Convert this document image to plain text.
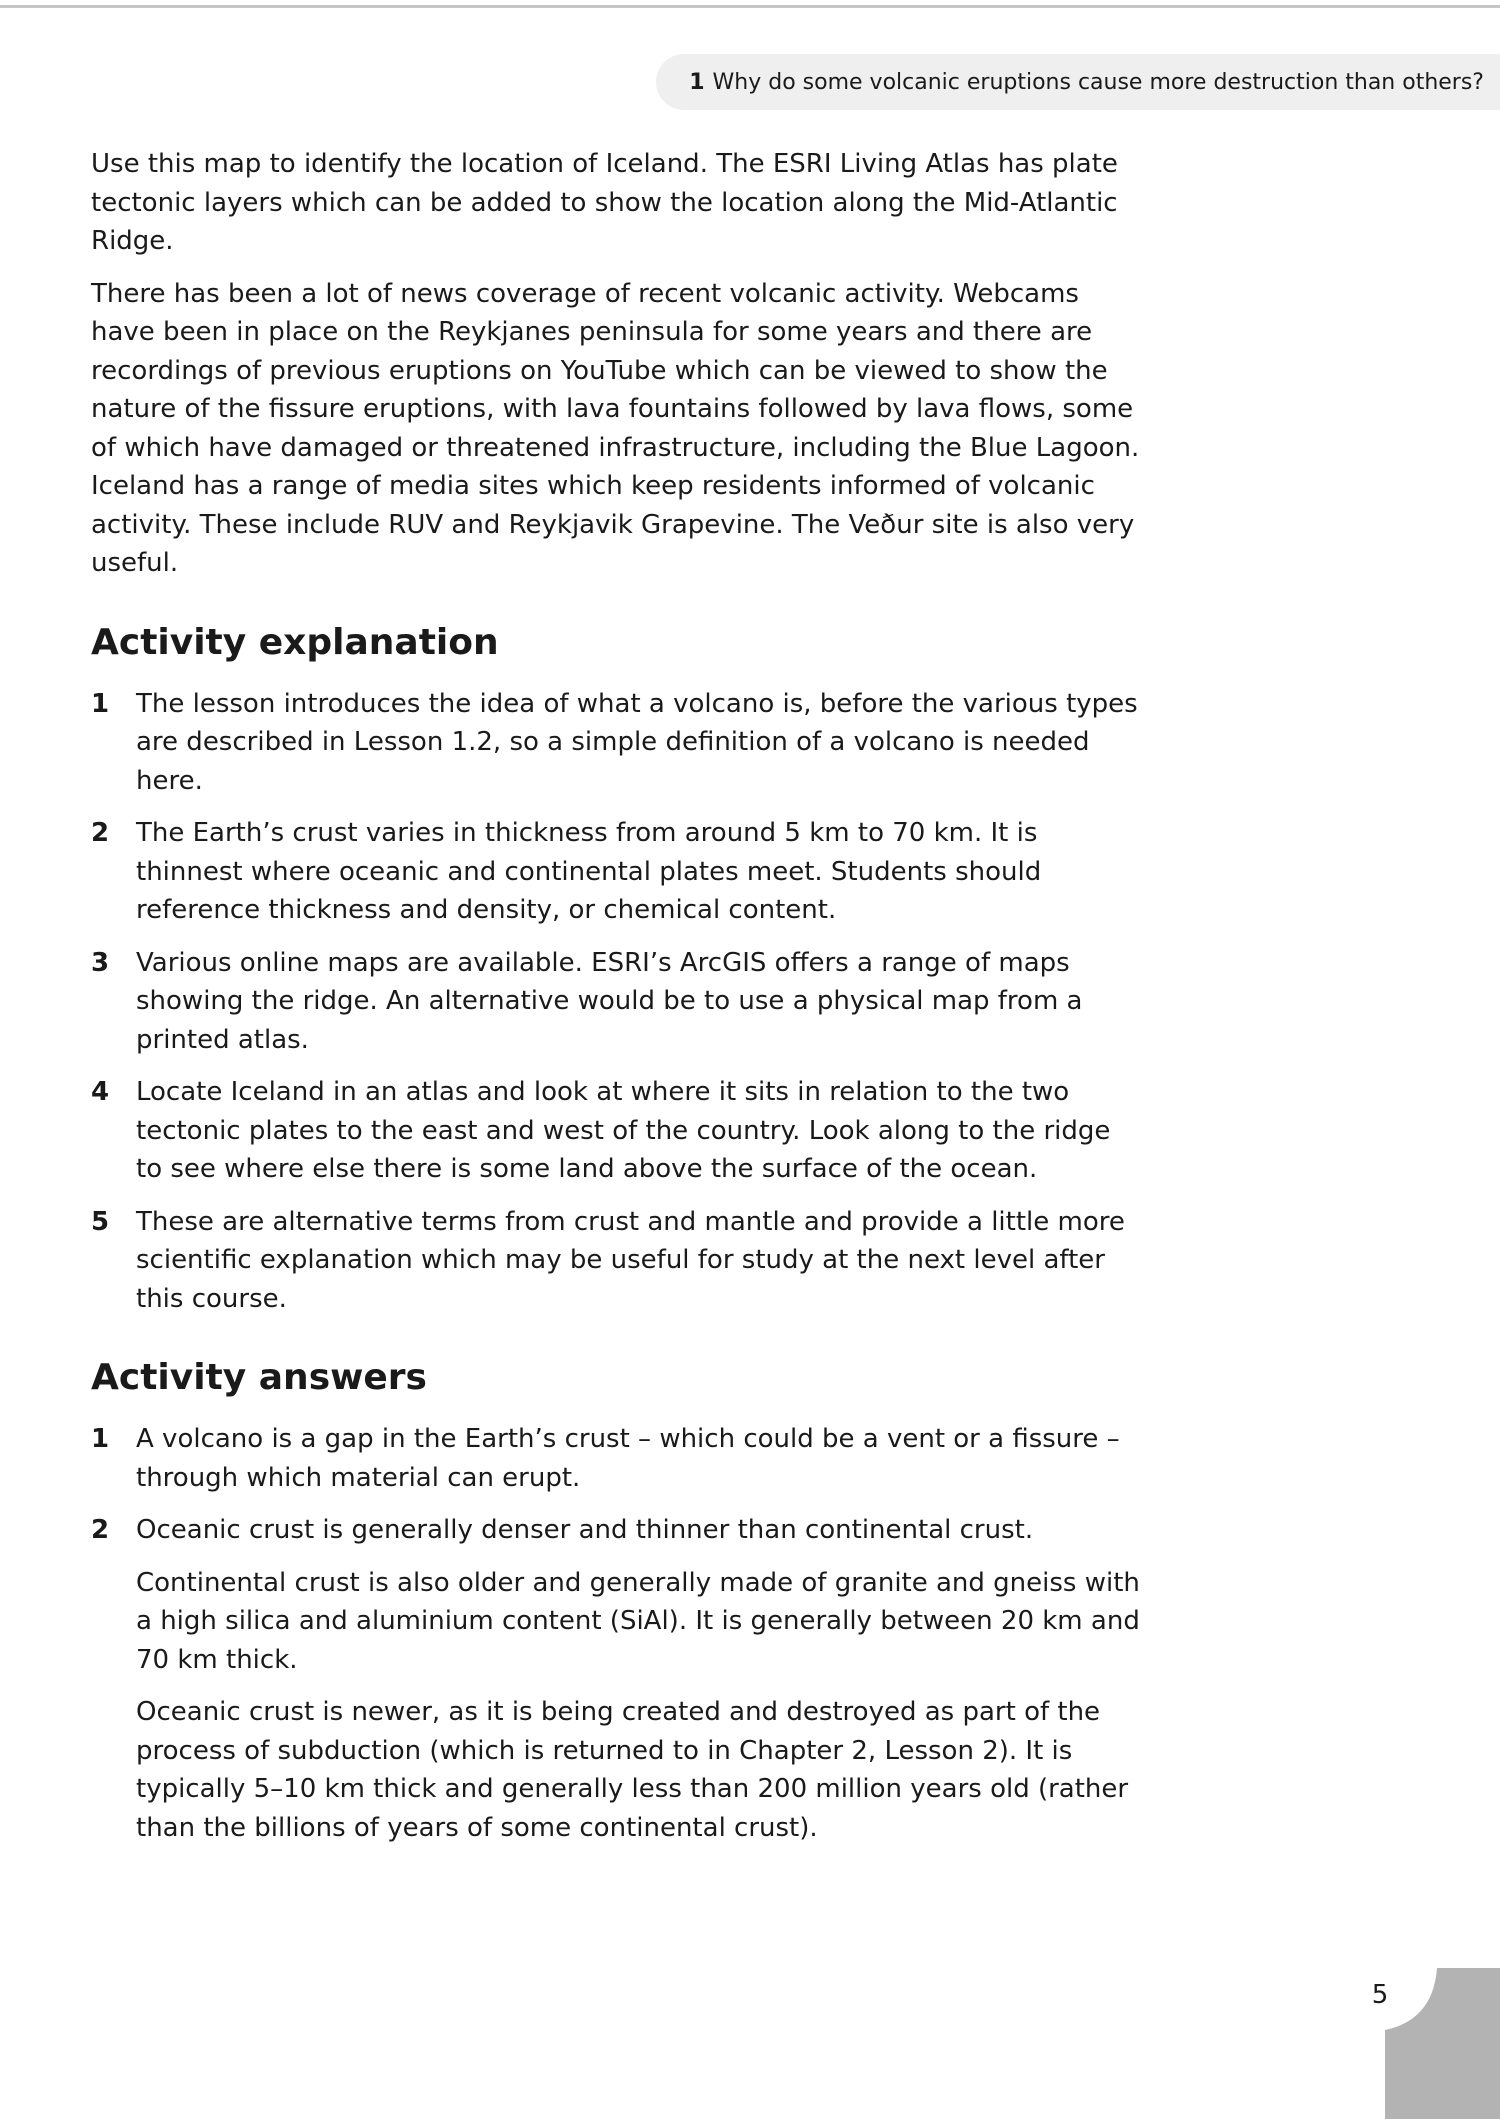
1 Why do some volcanic eruptions cause more destruction than others?

Use this map to identify the location of Iceland. The ESRI Living Atlas has plate tectonic layers which can be added to show the location along the Mid-Atlantic Ridge.

There has been a lot of news coverage of recent volcanic activity. Webcams have been in place on the Reykjanes peninsula for some years and there are recordings of previous eruptions on YouTube which can be viewed to show the nature of the fissure eruptions, with lava fountains followed by lava flows, some of which have damaged or threatened infrastructure, including the Blue Lagoon. Iceland has a range of media sites which keep residents informed of volcanic activity. These include RUV and Reykjavik Grapevine. The Veður site is also very useful.

Activity explanation
1	The lesson introduces the idea of what a volcano is, before the various types are described in Lesson 1.2, so a simple definition of a volcano is needed here.
2	The Earth’s crust varies in thickness from around 5 km to 70 km. It is thinnest where oceanic and continental plates meet. Students should reference thickness and density, or chemical content.
3	Various online maps are available. ESRI’s ArcGIS offers a range of maps showing the ridge. An alternative would be to use a physical map from a printed atlas.
4	Locate Iceland in an atlas and look at where it sits in relation to the two tectonic plates to the east and west of the country. Look along to the ridge to see where else there is some land above the surface of the ocean.
5	These are alternative terms from crust and mantle and provide a little more scientific explanation which may be useful for study at the next level after this course.
Activity answers
1	A volcano is a gap in the Earth’s crust – which could be a vent or a fissure – through which material can erupt.

2	Oceanic crust is generally denser and thinner than continental crust.

Continental crust is also older and generally made of granite and gneiss with a high silica and aluminium content (SiAl). It is generally between 20 km and 70 km thick.

Oceanic crust is newer, as it is being created and destroyed as part of the process of subduction (which is returned to in Chapter 2, Lesson 2). It is typically 5–10 km thick and generally less than 200 million years old (rather than the billions of years of some continental crust).

5
